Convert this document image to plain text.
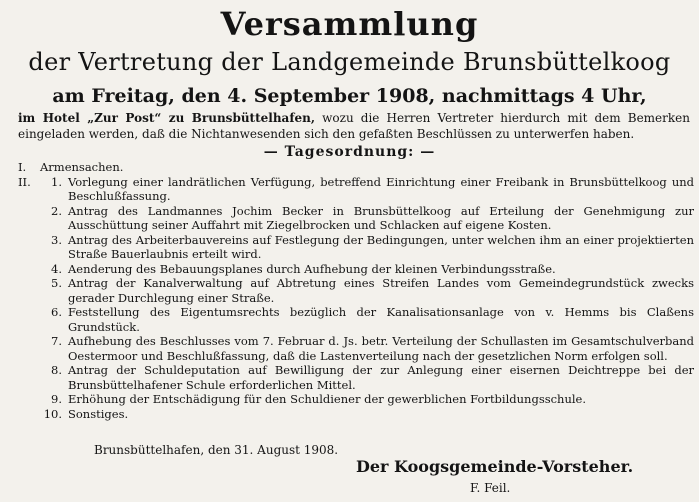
Versammlung
der Vertretung der Landgemeinde Brunsbüttelkoog
am Freitag, den 4. September 1908, nachmittags 4 Uhr,
im Hotel „Zur Post“ zu Brunsbüttelhafen, wozu die Herren Vertreter hierdurch mit dem Bemerken eingeladen werden, daß die Nichtanwesenden sich den gefaßten Beschlüssen zu unterwerfen haben.
— Tagesordnung: —
I.	Armensachen.
II.	1. Vorlegung einer landrätlichen Verfügung, betreffend Einrichtung einer Freibank in Brunsbüttelkoog und Beschlußfassung.
2. Antrag des Landmannes Jochim Becker in Brunsbüttelkoog auf Erteilung der Genehmigung zur Ausschüttung seiner Auffahrt mit Ziegelbrocken und Schlacken auf eigene Kosten.
3. Antrag des Arbeiterbauvereins auf Festlegung der Bedingungen, unter welchen ihm an einer projektierten Straße Bauerlaubnis erteilt wird.
4. Aenderung des Bebauungsplanes durch Aufhebung der kleinen Verbindungsstraße.
5. Antrag der Kanalverwaltung auf Abtretung eines Streifen Landes vom Gemeindegrundstück zwecks gerader Durchlegung einer Straße.
6. Feststellung des Eigentumsrechts bezüglich der Kanalisationsanlage von v. Hemms bis Claßens Grundstück.
7. Aufhebung des Beschlusses vom 7. Februar d. Js. betr. Verteilung der Schullasten im Gesamtschulverband Oestermoor und Beschlußfassung, daß die Lastenverteilung nach der gesetzlichen Norm erfolgen soll.
8. Antrag der Schuldeputation auf Bewilligung der zur Anlegung einer eisernen Deichtreppe bei der Brunsbüttelhafener Schule erforderlichen Mittel.
9. Erhöhung der Entschädigung für den Schuldiener der gewerblichen Fortbildungsschule.
10. Sonstiges.
Brunsbüttelhafen, den 31. August 1908.
Der Koogsgemeinde-Vorsteher.
F. Feil.
